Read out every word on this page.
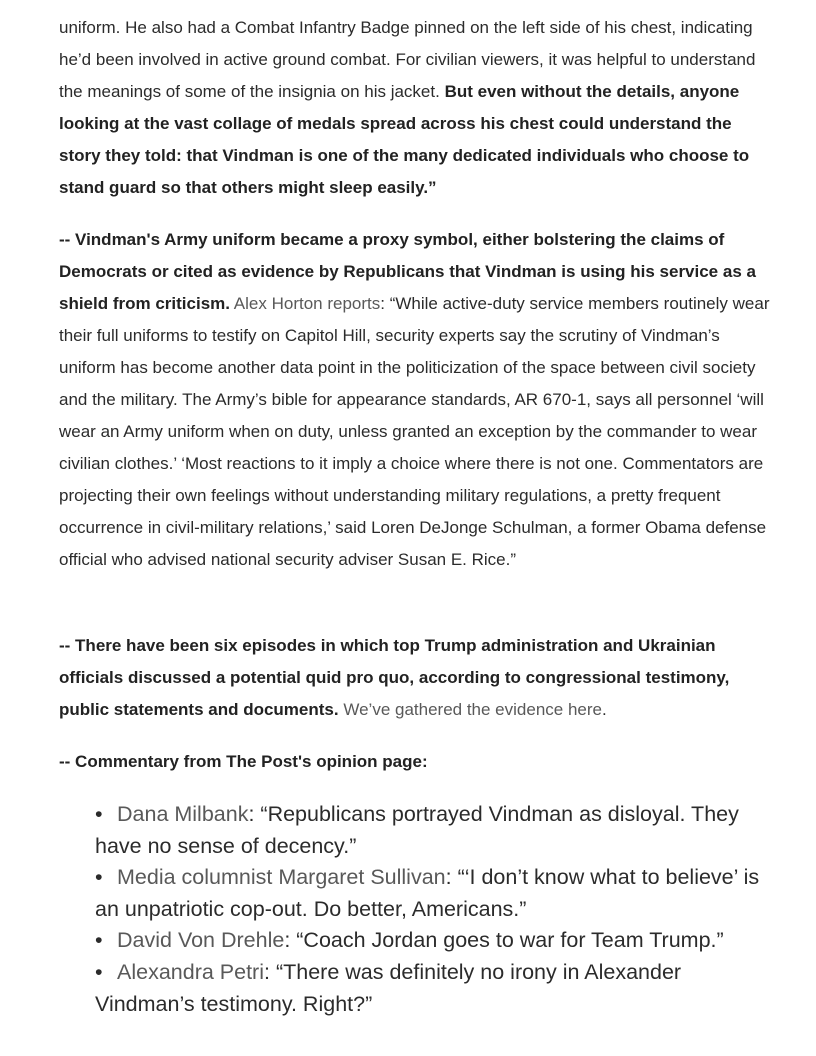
uniform. He also had a Combat Infantry Badge pinned on the left side of his chest, indicating he’d been involved in active ground combat. For civilian viewers, it was helpful to understand the meanings of some of the insignia on his jacket. But even without the details, anyone looking at the vast collage of medals spread across his chest could understand the story they told: that Vindman is one of the many dedicated individuals who choose to stand guard so that others might sleep easily.”

-- Vindman's Army uniform became a proxy symbol, either bolstering the claims of Democrats or cited as evidence by Republicans that Vindman is using his service as a shield from criticism. Alex Horton reports: “While active-duty service members routinely wear their full uniforms to testify on Capitol Hill, security experts say the scrutiny of Vindman’s uniform has become another data point in the politicization of the space between civil society and the military. The Army’s bible for appearance standards, AR 670-1, says all personnel ‘will wear an Army uniform when on duty, unless granted an exception by the commander to wear civilian clothes.’ ‘Most reactions to it imply a choice where there is not one. Commentators are projecting their own feelings without understanding military regulations, a pretty frequent occurrence in civil-military relations,’ said Loren DeJonge Schulman, a former Obama defense official who advised national security adviser Susan E. Rice.”

-- There have been six episodes in which top Trump administration and Ukrainian officials discussed a potential quid pro quo, according to congressional testimony, public statements and documents. We’ve gathered the evidence here.

-- Commentary from The Post's opinion page:

• Dana Milbank: “Republicans portrayed Vindman as disloyal. They have no sense of decency.”
• Media columnist Margaret Sullivan: “‘I don’t know what to believe’ is an unpatriotic cop-out. Do better, Americans.”
• David Von Drehle: “Coach Jordan goes to war for Team Trump.”
• Alexandra Petri: “There was definitely no irony in Alexander Vindman’s testimony. Right?”
